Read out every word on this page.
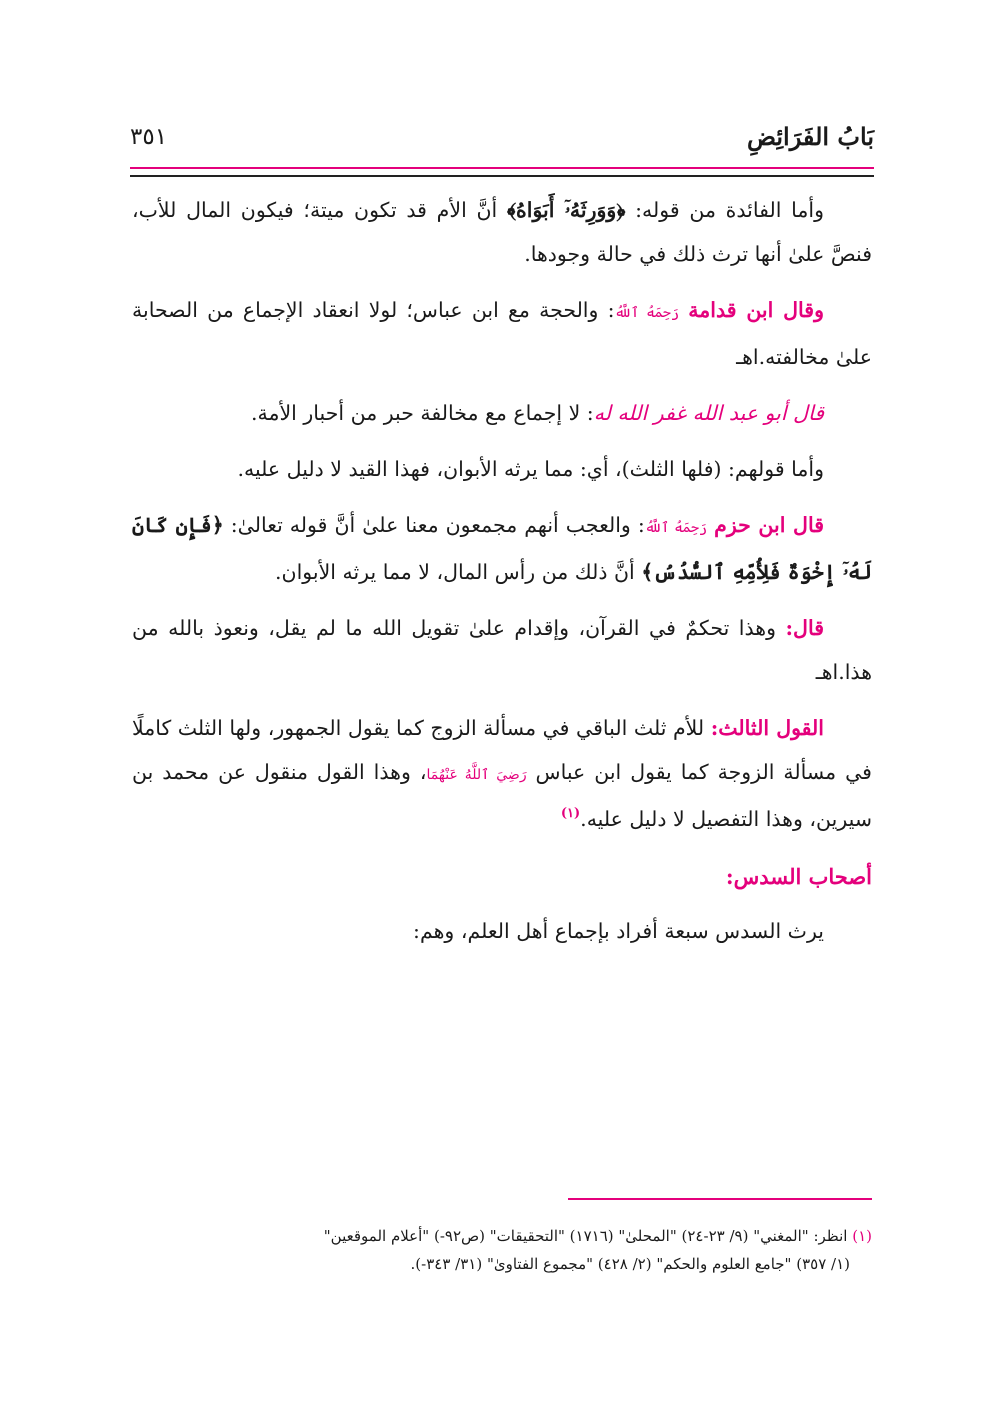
بَابُ الفَرَائِضِ
٣٥١

وأما الفائدة من قوله: ﴿وَوَرِثَهُۥٓ أَبَوَاهُ﴾ أنَّ الأم قد تكون ميتة؛ فيكون المال للأب، فنصَّ علىٰ أنها ترث ذلك في حالة وجودها.

وقال ابن قدامة رَحِمَهُ ٱللَّهُ: والحجة مع ابن عباس؛ لولا انعقاد الإجماع من الصحابة علىٰ مخالفته.اهـ

قال أبو عبد الله غفر الله له: لا إجماع مع مخالفة حبر من أحبار الأمة.

وأما قولهم: (فلها الثلث)، أي: مما يرثه الأبوان، فهذا القيد لا دليل عليه.

قال ابن حزم رَحِمَهُ ٱللَّهُ: والعجب أنهم مجمعون معنا علىٰ أنَّ قوله تعالىٰ: ﴿فَإِن كَانَ لَهُۥٓ إِخْوَةٌ فَلِأُمِّهِ ٱلسُّدُسُ﴾ أنَّ ذلك من رأس المال، لا مما يرثه الأبوان.

قال: وهذا تحكمٌ في القرآن، وإقدام علىٰ تقويل الله ما لم يقل، ونعوذ بالله من هذا.اهـ

القول الثالث: للأم ثلث الباقي في مسألة الزوج كما يقول الجمهور، ولها الثلث كاملًا في مسألة الزوجة كما يقول ابن عباس رَضِيَ ٱللَّهُ عَنْهُمَا، وهذا القول منقول عن محمد بن سيرين، وهذا التفصيل لا دليل عليه.$^{(١)}$

أصحاب السدس:

يرث السدس سبعة أفراد بإجماع أهل العلم، وهم:

(١) انظر: "المغني" (٩/ ٢٣-٢٤) "المحلىٰ" (١٧١٦) "التحقيقات" (ص٩٢-) "أعلام الموقعين"
(١/ ٣٥٧) "جامع العلوم والحكم" (٢/ ٤٢٨) "مجموع الفتاوىٰ" (٣١/ ٣٤٣-).
